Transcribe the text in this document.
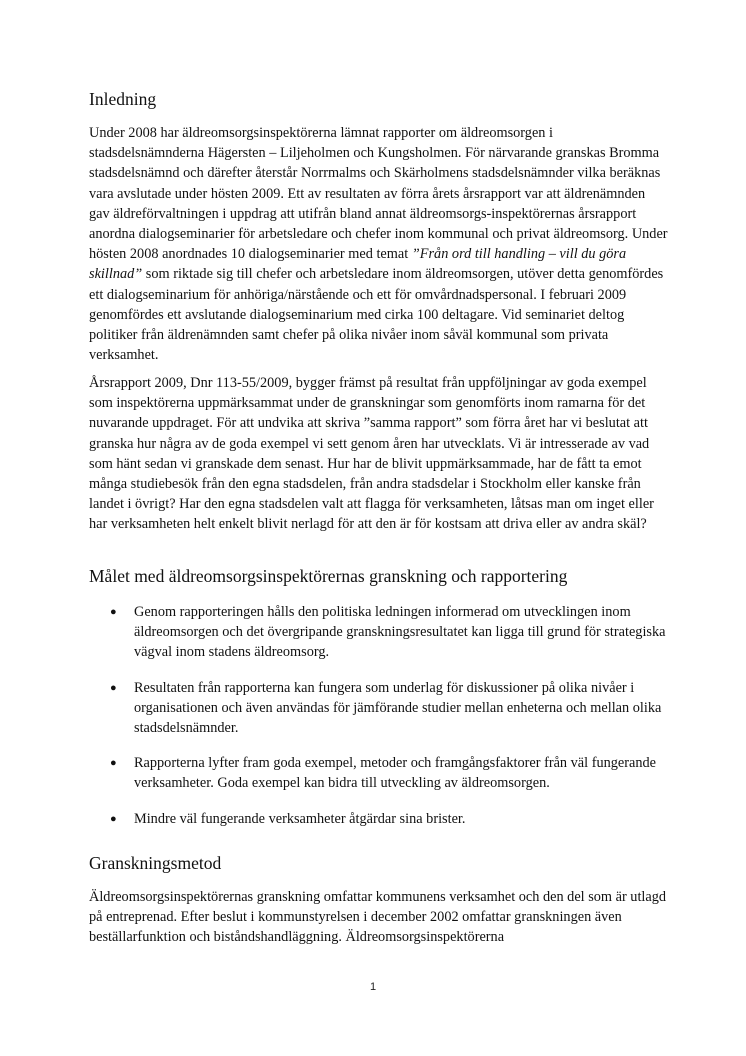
Inledning

Under 2008 har äldreomsorgsinspektörerna lämnat rapporter om äldreomsorgen i stadsdelsnämnderna Hägersten – Liljeholmen och Kungsholmen. För närvarande granskas Bromma stadsdelsnämnd och därefter återstår Norrmalms och Skärholmens stadsdelsnämnder vilka beräknas vara avslutade under hösten 2009. Ett av resultaten av förra årets årsrapport var att äldrenämnden gav äldreförvaltningen i uppdrag att utifrån bland annat äldreomsorgs-inspektörernas årsrapport anordna dialogseminarier för arbetsledare och chefer inom kommunal och privat äldreomsorg. Under hösten 2008 anordnades 10 dialogseminarier med temat ”Från ord till handling – vill du göra skillnad” som riktade sig till chefer och arbetsledare inom äldreomsorgen, utöver detta genomfördes ett dialogseminarium för anhöriga/närstående och ett för omvårdnadspersonal. I februari 2009 genomfördes ett avslutande dialogseminarium med cirka 100 deltagare. Vid seminariet deltog politiker från äldrenämnden samt chefer på olika nivåer inom såväl kommunal som privata verksamhet.

Årsrapport 2009, Dnr 113-55/2009, bygger främst på resultat från uppföljningar av goda exempel som inspektörerna uppmärksammat under de granskningar som genomförts inom ramarna för det nuvarande uppdraget. För att undvika att skriva ”samma rapport” som förra året har vi beslutat att granska hur några av de goda exempel vi sett genom åren har utvecklats. Vi är intresserade av vad som hänt sedan vi granskade dem senast. Hur har de blivit uppmärksammade, har de fått ta emot många studiebesök från den egna stadsdelen, från andra stadsdelar i Stockholm eller kanske från landet i övrigt? Har den egna stadsdelen valt att flagga för verksamheten, låtsas man om inget eller har verksamheten helt enkelt blivit nerlagd för att den är för kostsam att driva eller av andra skäl?

Målet med äldreomsorgsinspektörernas granskning och rapportering
● Genom rapporteringen hålls den politiska ledningen informerad om utvecklingen inom äldreomsorgen och det övergripande granskningsresultatet kan ligga till grund för strategiska vägval inom stadens äldreomsorg.
● Resultaten från rapporterna kan fungera som underlag för diskussioner på olika nivåer i organisationen och även användas för jämförande studier mellan enheterna och mellan olika stadsdelsnämnder.
● Rapporterna lyfter fram goda exempel, metoder och framgångsfaktorer från väl fungerande verksamheter. Goda exempel kan bidra till utveckling av äldreomsorgen.
● Mindre väl fungerande verksamheter åtgärdar sina brister.
Granskningsmetod

Äldreomsorgsinspektörernas granskning omfattar kommunens verksamhet och den del som är utlagd på entreprenad. Efter beslut i kommunstyrelsen i december 2002 omfattar granskningen även beställarfunktion och biståndshandläggning. Äldreomsorgsinspektörerna

1
